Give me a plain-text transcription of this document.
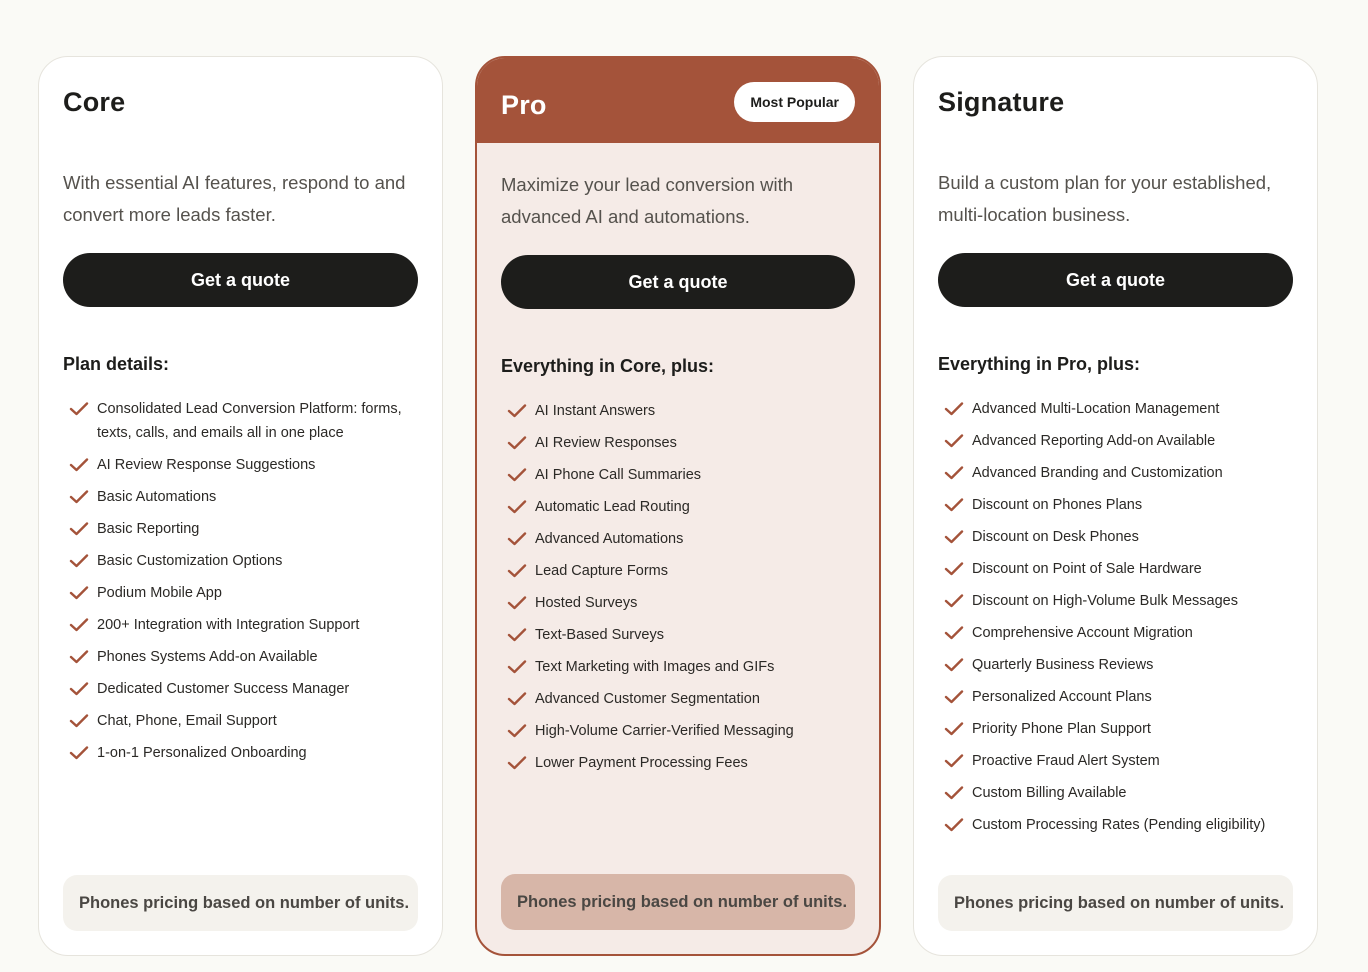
Core
With essential AI features, respond to and convert more leads faster.
Get a quote
Plan details:
Consolidated Lead Conversion Platform: forms, texts, calls, and emails all in one place
AI Review Response Suggestions
Basic Automations
Basic Reporting
Basic Customization Options
Podium Mobile App
200+ Integration with Integration Support
Phones Systems Add-on Available
Dedicated Customer Success Manager
Chat, Phone, Email Support
1-on-1 Personalized Onboarding
Phones pricing based on number of units.
Pro	Most Popular
Maximize your lead conversion with advanced AI and automations.
Get a quote
Everything in Core, plus:
AI Instant Answers
AI Review Responses
AI Phone Call Summaries
Automatic Lead Routing
Advanced Automations
Lead Capture Forms
Hosted Surveys
Text-Based Surveys
Text Marketing with Images and GIFs
Advanced Customer Segmentation
High-Volume Carrier-Verified Messaging
Lower Payment Processing Fees
Phones pricing based on number of units.
Signature
Build a custom plan for your established, multi-location business.
Get a quote
Everything in Pro, plus:
Advanced Multi-Location Management
Advanced Reporting Add-on Available
Advanced Branding and Customization
Discount on Phones Plans
Discount on Desk Phones
Discount on Point of Sale Hardware
Discount on High-Volume Bulk Messages
Comprehensive Account Migration
Quarterly Business Reviews
Personalized Account Plans
Priority Phone Plan Support
Proactive Fraud Alert System
Custom Billing Available
Custom Processing Rates (Pending eligibility)
Phones pricing based on number of units.
